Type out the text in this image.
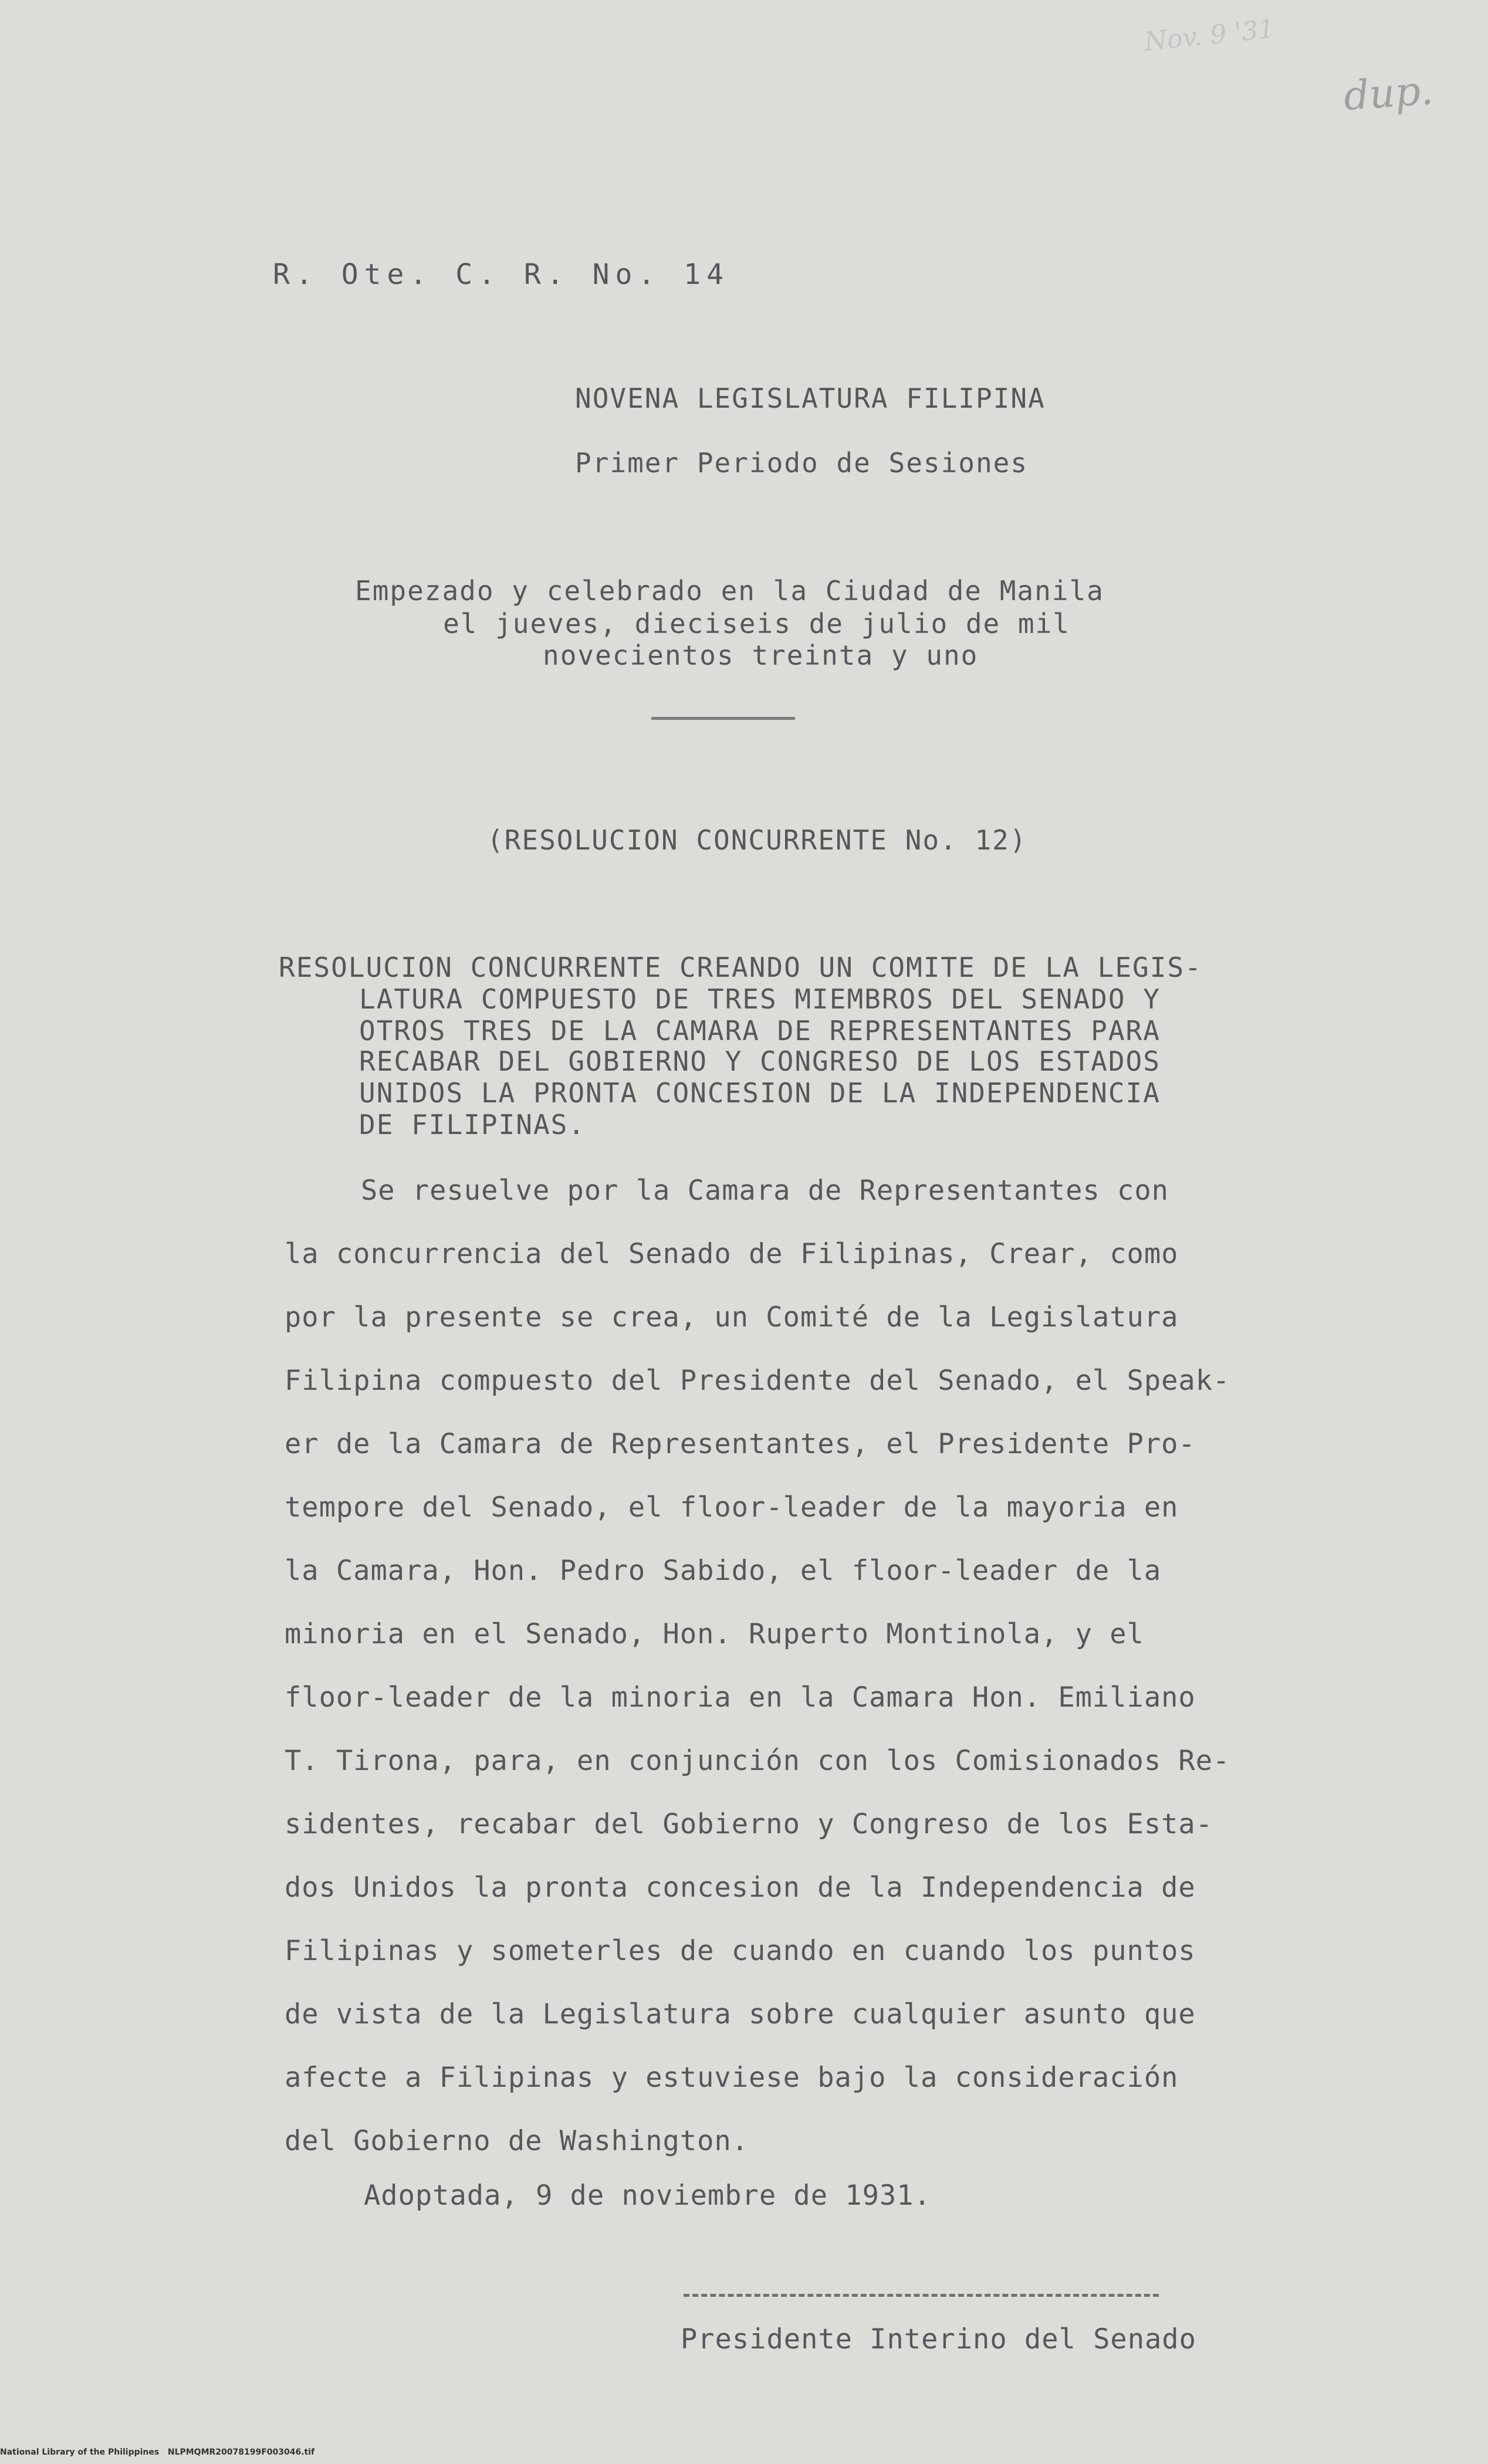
Nov. 9 '31
dup.
R. Ote. C. R. No. 14
NOVENA LEGISLATURA FILIPINA
Primer Periodo de Sesiones
Empezado y celebrado en la Ciudad de Manila
el jueves, dieciseis de julio de mil
novecientos treinta y uno
(RESOLUCION CONCURRENTE No. 12)
RESOLUCION CONCURRENTE CREANDO UN COMITE DE LA LEGIS-
LATURA COMPUESTO DE TRES MIEMBROS DEL SENADO Y
OTROS TRES DE LA CAMARA DE REPRESENTANTES PARA
RECABAR DEL GOBIERNO Y CONGRESO DE LOS ESTADOS
UNIDOS LA PRONTA CONCESION DE LA INDEPENDENCIA
DE FILIPINAS.
Se resuelve por la Camara de Representantes con
la concurrencia del Senado de Filipinas, Crear, como
por la presente se crea, un Comité de la Legislatura
Filipina compuesto del Presidente del Senado, el Speak-
er de la Camara de Representantes, el Presidente Pro-
tempore del Senado, el floor-leader de la mayoria en
la Camara, Hon. Pedro Sabido, el floor-leader de la
minoria en el Senado, Hon. Ruperto Montinola, y el
floor-leader de la minoria en la Camara Hon. Emiliano
T. Tirona, para, en conjunción con los Comisionados Re-
sidentes, recabar del Gobierno y Congreso de los Esta-
dos Unidos la pronta concesion de la Independencia de
Filipinas y someterles de cuando en cuando los puntos
de vista de la Legislatura sobre cualquier asunto que
afecte a Filipinas y estuviese bajo la consideración
del Gobierno de Washington.
Adoptada, 9 de noviembre de 1931.
Presidente Interino del Senado
National Library of the Philippines   NLPMQMR20078199F003046.tif
